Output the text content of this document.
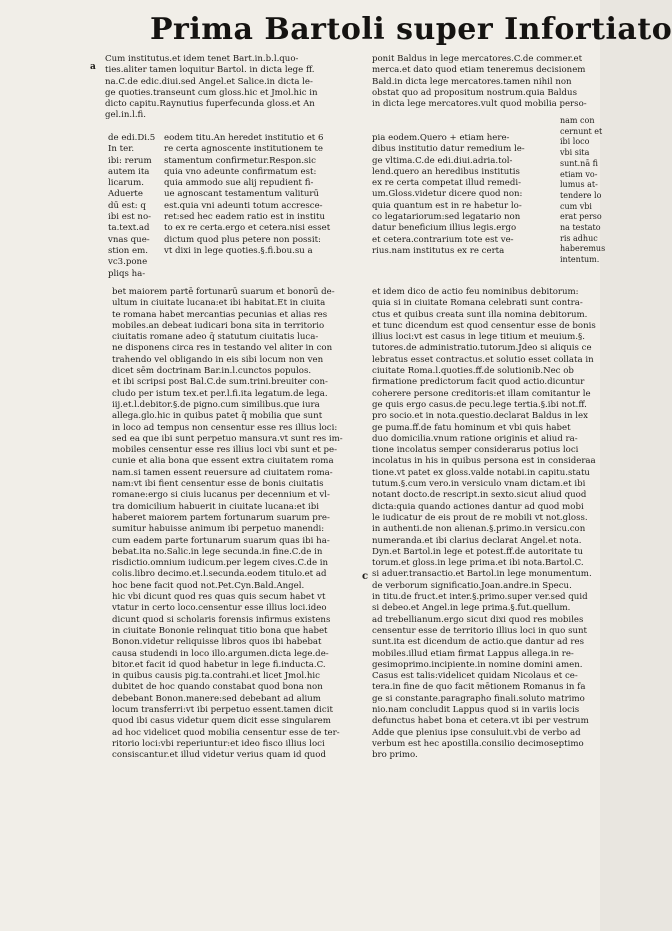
Prima Bartoli super Infortiato
a
c
Cum institutus.et idem tenet Bart.in.b.l.quo-
ties.aliter tamen loquitur Bartol. in dicta lege ff.
na.C.de edic.diui.sed Angel.et Salice.in dicta le-
ge quoties.transeunt cum gloss.hic et Jmol.hic in
dicto capitu.Raynutius fuperfecunda gloss.et An
gel.in.l.fi.
ponit Baldus in lege mercatores.C.de commer.et
merca.et dato quod etiam teneremus decisionem
Bald.in dicta lege mercatores.tamen nihil non
obstat quo ad propositum nostrum.quia Baldus
in dicta lege mercatores.vult quod mobilia perso-
de edi.Di.5
In ter.
ibi: rerum
autem ita
licarum.
Aduerte
dū est: q
ibi est no-
ta.text.ad
vnas que-
stion em.
vc3.pone
pliqs ha-
eodem titu.An heredet institutio et 6
re certa agnoscente institutionem te
stamentum confirmetur.Respon.sic
quia vno adeunte confirmatum est:
quia ammodo sue alij repudient fi-
ue agnoscant testamentum valiturū
est.quia vni adeunti totum accresce-
ret:sed hec eadem ratio est in institu
to ex re certa.ergo et cetera.nisi esset
dictum quod plus petere non possit:
vt dixi in lege quoties.§.fi.bou.su a
pia eodem.Quero + etiam here-
dibus institutio datur remedium le-
ge vltima.C.de edi.diui.adria.tol-
lend.quero an heredibus institutis
ex re certa competat illud remedi-
um.Gloss.videtur dicere quod non:
quia quantum est in re habetur lo-
co legatariorum:sed legatario non
datur beneficium illius legis.ergo
et cetera.contrarium tote est ve-
rius.nam institutus ex re certa
nam con
cernunt et
ibi loco
vbi sita
sunt.nā fi
etiam vo-
lumus at-
tendere lo
cum vbi
erat perso
na testato
ris adhuc
haberemus
intentum.
bet maiorem partē fortunarū suarum et bonorū de-
ultum in ciuitate lucana:et ibi habitat.Et in ciuita
te romana habet mercantias pecunias et alias res
mobiles.an debeat iudicari bona sita in territorio
ciuitatis romane adeo q̄ statutum ciuitatis luca-
ne disponens circa res in testando vel aliter in con
trahendo vel obligando in eis sibi locum non ven
dicet sēm doctrinam Bar.in.l.cunctos populos.
et ibi scripsi post Bal.C.de sum.trini.breuiter con-
cludo per istum tex.et per.l.fi.ita legatum.de lega.
iij.et.l.debitor.§.de pigno.cum similibus.que iura
allega.glo.hic in quibus patet q̄ mobilia que sunt
in loco ad tempus non censentur esse res illius loci:
sed ea que ibi sunt perpetuo mansura.vt sunt res im-
mobiles censentur esse res illius loci vbi sunt et pe-
cunie et alia bona que essent extra ciuitatem roma
nam.si tamen essent reuersure ad ciuitatem roma-
nam:vt ibi fient censentur esse de bonis ciuitatis
romane:ergo si ciuis lucanus per decennium et vl-
tra domicilium habuerit in ciuitate lucana:et ibi
haberet maiorem partem fortunarum suarum pre-
sumitur habuisse animum ibi perpetuo manendi:
cum eadem parte fortunarum suarum quas ibi ha-
bebat.ita no.Salic.in lege secunda.in fine.C.de in
risdictio.omnium iudicum.per legem cives.C.de in
colis.libro decimo.et.l.secunda.eodem titulo.et ad
hoc bene facit quod not.Pet.Cyn.Bald.Angel.
hic vbi dicunt quod res quas quis secum habet vt
vtatur in certo loco.censentur esse illius loci.ideo
dicunt quod si scholaris forensis infirmus existens
in ciuitate Bononie relinquat titio bona que habet
Bonon.videtur reliquisse libros quos ibi habebat
causa studendi in loco illo.argumen.dicta lege.de-
bitor.et facit id quod habetur in lege fi.inducta.C.
in quibus causis pig.ta.contrahi.et licet Jmol.hic
dubitet de hoc quando constabat quod bona non
debebant Bonon.manere:sed debebant ad alium
locum transferri:vt ibi perpetuo essent.tamen dicit
quod ibi casus videtur quem dicit esse singularem
ad hoc videlicet quod mobilia censentur esse de ter-
ritorio loci:vbi reperiuntur:et ideo fisco illius loci
consiscantur.et illud videtur verius quam id quod
et idem dico de actio feu nominibus debitorum:
quia si in ciuitate Romana celebrati sunt contra-
ctus et quibus creata sunt illa nomina debitorum.
et tunc dicendum est quod censentur esse de bonis
illius loci:vt est casus in lege titium et meuium.§.
tutores.de administratio.tutorum.Jdeo si aliquis ce
lebratus esset contractus.et solutio esset collata in
ciuitate Roma.l.quoties.ff.de solutionib.Nec ob
firmatione predictorum facit quod actio.dicuntur
coherere persone creditoris:et illam comitantur le
ge quis ergo casus.de pecu.lege tertia.§.ibi not.ff.
pro socio.et in nota.questio.declarat Baldus in lex
ge puma.ff.de fatu hominum et vbi quis habet
duo domicilia.vnum ratione originis et aliud ra-
tione incolatus semper considerarus potius loci
incolatus in his in quibus persona est in consideraa
tione.vt patet ex gloss.valde notabi.in capitu.statu
tutum.§.cum vero.in versiculo vnam dictam.et ibi
notant docto.de rescript.in sexto.sicut aliud quod
dicta:quia quando actiones dantur ad quod mobi
le iudicatur de eis prout de re mobili vt not.gloss.
in authenti.de non alienan.§.primo.in versicu.con
numeranda.et ibi clarius declarat Angel.et nota.
Dyn.et Bartol.in lege et potest.ff.de autoritate tu
torum.et gloss.in lege prima.et ibi nota.Bartol.C.
si aduer.transactio.et Bartol.in lege monumentum.
de verborum significatio.Joan.andre.in Specu.
in titu.de fruct.et inter.§.primo.super ver.sed quid
si debeo.et Angel.in lege prima.§.fut.quellum.
ad trebellianum.ergo sicut dixi quod res mobiles
censentur esse de territorio illius loci in quo sunt
sunt.ita est dicendum de actio.que dantur ad res
mobiles.illud etiam firmat Lappus allega.in re-
gesimoprimo.incipiente.in nomine domini amen.
Casus est talis:videlicet quidam Nicolaus et ce-
tera.in fine de quo facit mētionem Romanus in fa
ge si constante.paragrapho finali.soluto matrimo
nio.nam concludit Lappus quod si in variis locis
defunctus habet bona et cetera.vt ibi per vestrum
Adde que plenius ipse consuluit.vbi de verbo ad
verbum est hec apostilla.consilio decimoseptimo
bro primo.
